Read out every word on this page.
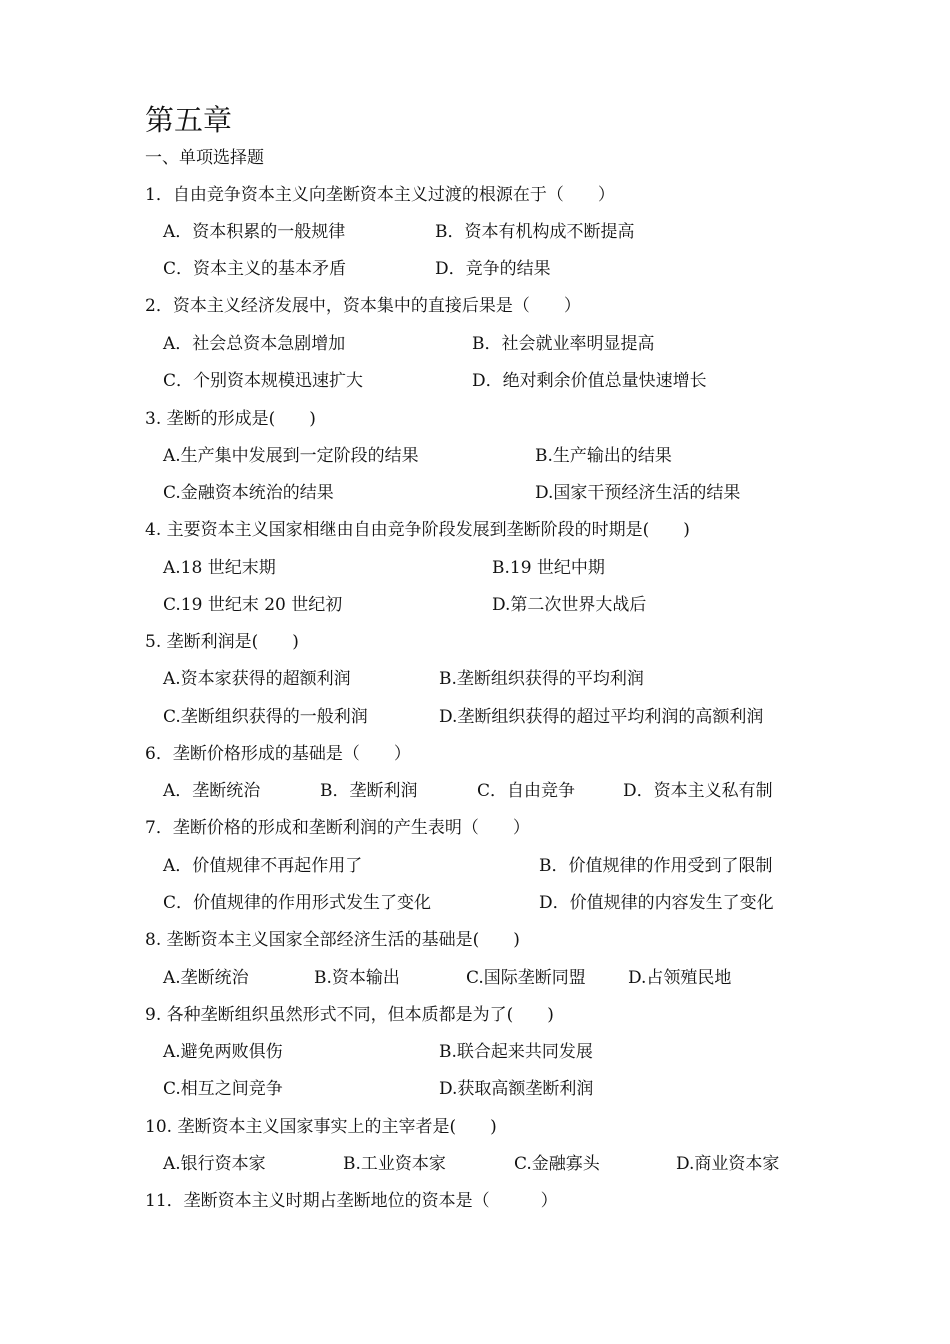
第五章
一、单项选择题
1．自由竞争资本主义向垄断资本主义过渡的根源在于（　　）
A．资本积累的一般规律	B．资本有机构成不断提高
C．资本主义的基本矛盾	D．竞争的结果
2．资本主义经济发展中，资本集中的直接后果是（　　）
A．社会总资本急剧增加	B．社会就业率明显提高
C．个别资本规模迅速扩大	D．绝对剩余价值总量快速增长
3. 垄断的形成是(　　)
A.生产集中发展到一定阶段的结果	B.生产输出的结果
C.金融资本统治的结果	D.国家干预经济生活的结果
4. 主要资本主义国家相继由自由竞争阶段发展到垄断阶段的时期是(　　)
A.18 世纪末期	B.19 世纪中期
C.19 世纪末 20 世纪初	D.第二次世界大战后
5. 垄断利润是(　　)
A.资本家获得的超额利润	B.垄断组织获得的平均利润
C.垄断组织获得的一般利润	D.垄断组织获得的超过平均利润的高额利润
6．垄断价格形成的基础是（　　）
A．垄断统治	B．垄断利润	C．自由竞争	D．资本主义私有制
7．垄断价格的形成和垄断利润的产生表明（　　）
A．价值规律不再起作用了	B．价值规律的作用受到了限制
C．价值规律的作用形式发生了变化	D．价值规律的内容发生了变化
8. 垄断资本主义国家全部经济生活的基础是(　　)
A.垄断统治	B.资本输出	C.国际垄断同盟 D.占领殖民地
9. 各种垄断组织虽然形式不同，但本质都是为了(　　)
A.避免两败俱伤	B.联合起来共同发展
C.相互之间竞争	D.获取高额垄断利润
10. 垄断资本主义国家事实上的主宰者是(　　)
A.银行资本家	B.工业资本家	C.金融寡头	D.商业资本家
11．垄断资本主义时期占垄断地位的资本是（　　　）
